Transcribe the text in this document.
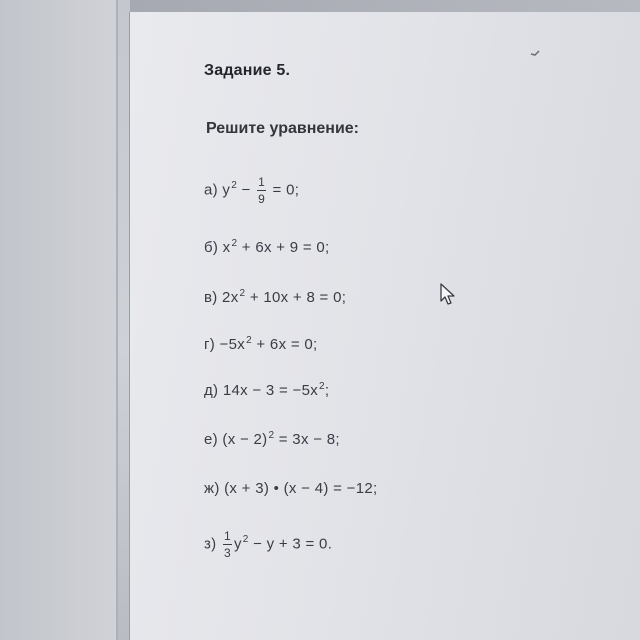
Задание 5.
Решите уравнение:
а) $y^2 - \frac{1}{9} = 0$;
б) $x^2 + 6x + 9 = 0$;
в) $2x^2 + 10x + 8 = 0$;
$г) -5x^2 + 6x = 0$;
д) $14x - 3 = -5x^2$;
е) $(x - 2)^2 = 3x - 8$;
ж) (x + 3) • (x − 4) = −12;
$з) \frac{1}{3} y^2 - y + 3 = 0$.
